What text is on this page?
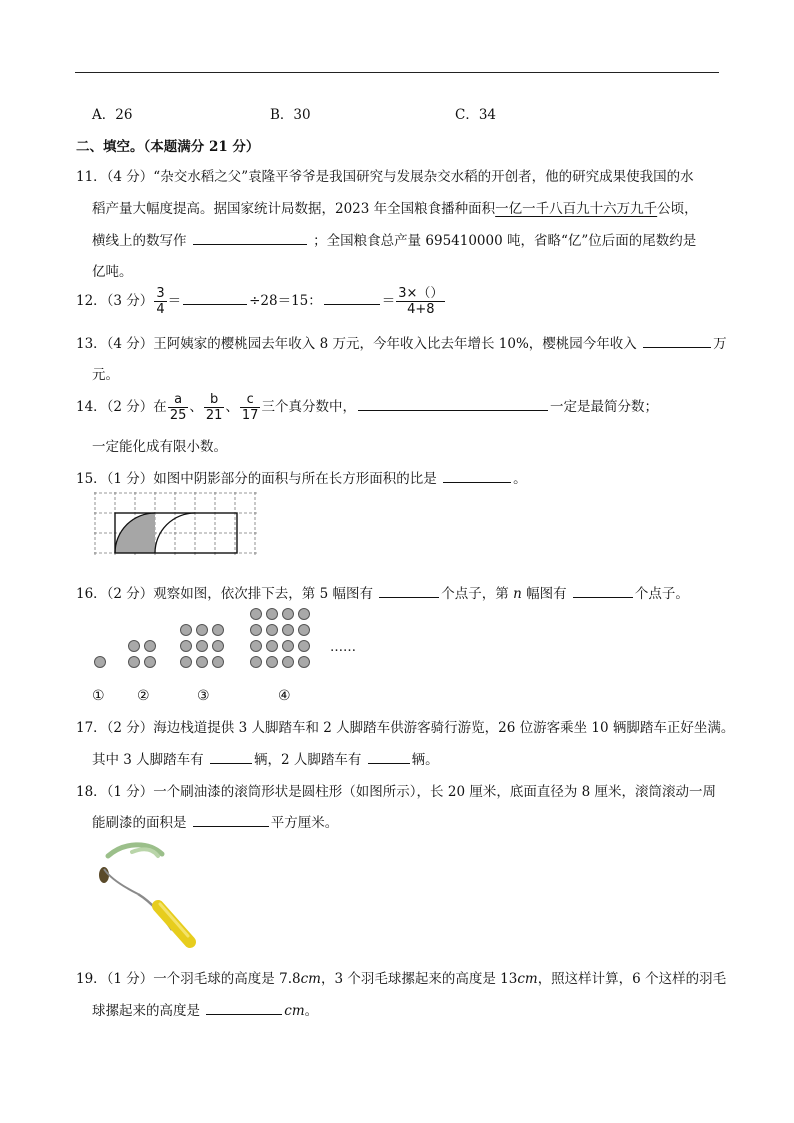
A．26	B．30	C．34
二、填空。（本题满分 21 分）
11．（4 分）“杂交水稻之父”袁隆平爷爷是我国研究与发展杂交水稻的开创者，他的研究成果使我国的水
稻产量大幅度提高。据国家统计局数据，2023 年全国粮食播种面积一亿一千八百九十六万九千公顷，
横线上的数写作	；全国粮食总产量 695410000 吨，省略“亿”位后面的尾数约是
亿吨。
12．（3 分） $\frac{3}{4}$ ＝	÷28＝15：	＝ $\frac{3\times()}{4+8}$
13．（4 分）王阿姨家的樱桃园去年收入 8 万元，今年收入比去年增长 10%，樱桃园今年收入	万
元。
14．（2 分）在 $\frac{a}{25}$ 、 $\frac{b}{21}$ 、 $\frac{c}{17}$ 三个真分数中，	一定是最简分数；
一定能化成有限小数。
15．（1 分）如图中阴影部分的面积与所在长方形面积的比是	。
16．（2 分）观察如图，依次排下去，第 5 幅图有	个点子，第 n 幅图有	个点子。
……
① ②	③	④
17．（2 分）海边栈道提供 3 人脚踏车和 2 人脚踏车供游客骑行游览，26 位游客乘坐 10 辆脚踏车正好坐满。
其中 3 人脚踏车有	辆，2 人脚踏车有	辆。
18．（1 分）一个刷油漆的滚筒形状是圆柱形（如图所示），长 20 厘米，底面直径为 8 厘米，滚筒滚动一周
能刷漆的面积是	平方厘米。
19．（1 分）一个羽毛球的高度是 7.8cm，3 个羽毛球摞起来的高度是 13cm，照这样计算，6 个这样的羽毛
球摞起来的高度是	cm。
